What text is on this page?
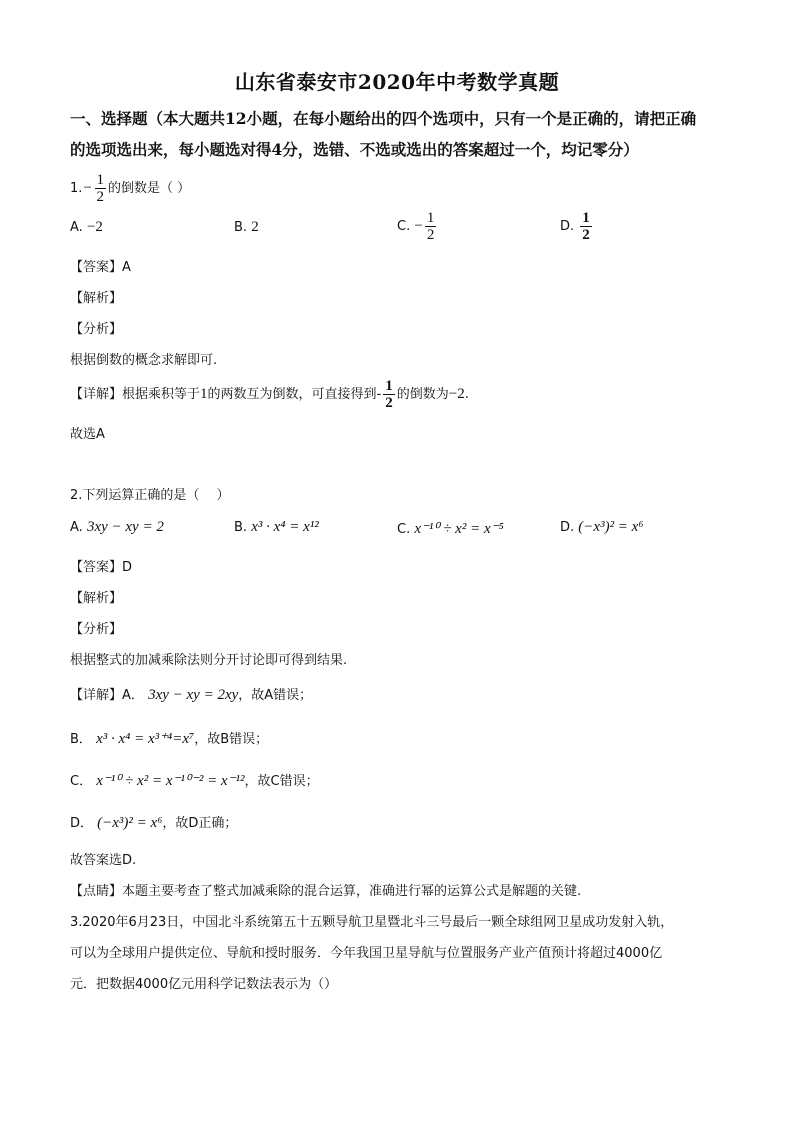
山东省泰安市2020年中考数学真题
一、选择题（本大题共12小题，在每小题给出的四个选项中，只有一个是正确的，请把正确
的选项选出来，每小题选对得4分，选错、不选或选出的答案超过一个，均记零分）
$1.- \frac{1}{2}$ 的倒数是（ ）
A. −2	B. 2	C. − $\frac{1}{2}$	D. $\frac{1}{2}$
【答案】A
【解析】
【分析】
根据倒数的概念求解即可.
【详解】根据乘积等于1的两数互为倒数，可直接得到- $\frac{1}{2}$ 的倒数为−2.
故选A
2.下列运算正确的是（　 ）
A. 3xy − xy = 2	B. x³ · x⁴ = x¹²	C. x⁻¹⁰ ÷ x² = x⁻⁵	D. (−x³)² = x⁶
【答案】D
【解析】
【分析】
根据整式的加减乘除法则分开讨论即可得到结果.
【详解】A． 3xy − xy = 2xy，故A错误；
B． x³ · x⁴ = x³⁺⁴=x⁷，故B错误；
C． x⁻¹⁰ ÷ x² = x⁻¹⁰⁻² = x⁻¹²，故C错误；
D． (−x³)² = x⁶，故D正确；
故答案选D.
【点睛】本题主要考查了整式加减乘除的混合运算，准确进行幂的运算公式是解题的关键.
3.2020年6月23日，中国北斗系统第五十五颗导航卫星暨北斗三号最后一颗全球组网卫星成功发射入轨，
可以为全球用户提供定位、导航和授时服务．今年我国卫星导航与位置服务产业产值预计将超过4000亿
元．把数据4000亿元用科学记数法表示为（）
